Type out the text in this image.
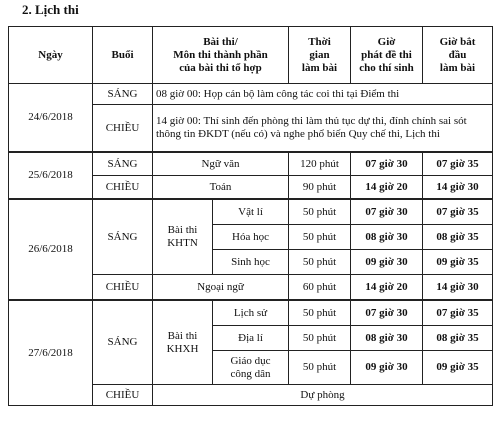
2. Lịch thi
Ngày	Buổi	Bài thi/
Môn thi thành phần
của bài thi tổ hợp		Thời
gian
làm bài	Giờ
phát đề thi
cho thí sinh	Giờ bắt
đầu
làm bài
24/6/2018	SÁNG	08 giờ 00: Họp cán bộ làm công tác coi thi tại Điểm thi				
	CHIỀU	14 giờ 00: Thí sinh đến phòng thi làm thủ tục dự thi, đính chính sai sót thông tin ĐKDT (nếu có) và nghe phổ biến Quy chế thi, Lịch thi				
25/6/2018	SÁNG	Ngữ văn		120 phút	07 giờ 30	07 giờ 35
	CHIỀU	Toán		90 phút	14 giờ 20	14 giờ 30
26/6/2018	SÁNG	Bài thi
KHTN	Vật lí	50 phút	07 giờ 30	07 giờ 35
			Hóa học	50 phút	08 giờ 30	08 giờ 35
			Sinh học	50 phút	09 giờ 30	09 giờ 35
	CHIỀU	Ngoại ngữ		60 phút	14 giờ 20	14 giờ 30
27/6/2018	SÁNG	Bài thi
KHXH	Lịch sử	50 phút	07 giờ 30	07 giờ 35
			Địa lí	50 phút	08 giờ 30	08 giờ 35
			Giáo dục
công dân	50 phút	09 giờ 30	09 giờ 35
	CHIỀU	Dự phòng				
